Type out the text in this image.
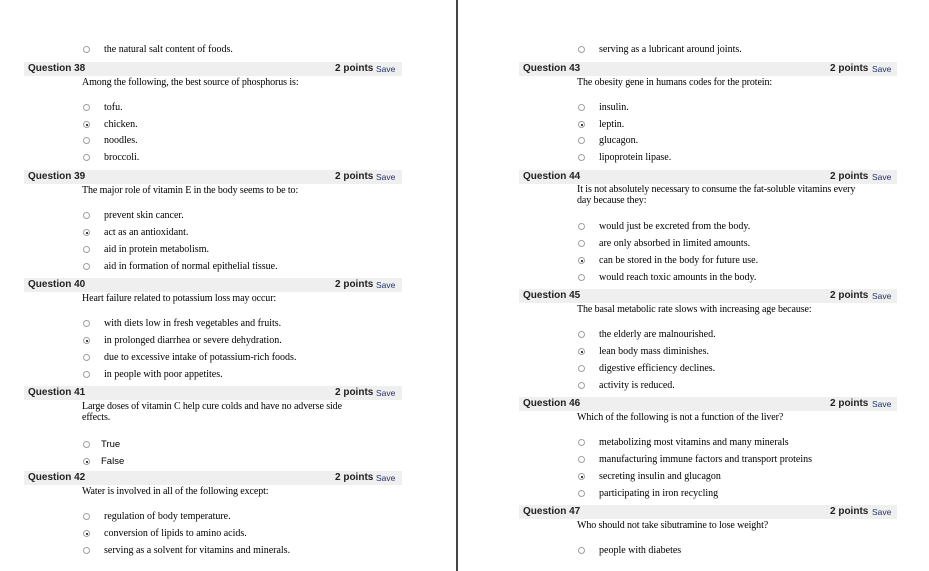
the natural salt content of foods.
Question 38	2 points Save
Among the following, the best source of phosphorus is:
tofu.
chicken.
noodles.
broccoli.
Question 39	2 points Save
The major role of vitamin E in the body seems to be to:
prevent skin cancer.
act as an antioxidant.
aid in protein metabolism.
aid in formation of normal epithelial tissue.
Question 40	2 points Save
Heart failure related to potassium loss may occur:
with diets low in fresh vegetables and fruits.
in prolonged diarrhea or severe dehydration.
due to excessive intake of potassium-rich foods.
in people with poor appetites.
Question 41	2 points Save
Large doses of vitamin C help cure colds and have no adverse side effects.
True
False
Question 42	2 points Save
Water is involved in all of the following except:
regulation of body temperature.
conversion of lipids to amino acids.
serving as a solvent for vitamins and minerals.
serving as a lubricant around joints.
Question 43	2 points Save
The obesity gene in humans codes for the protein:
insulin.
leptin.
glucagon.
lipoprotein lipase.
Question 44	2 points Save
It is not absolutely necessary to consume the fat-soluble vitamins every day because they:
would just be excreted from the body.
are only absorbed in limited amounts.
can be stored in the body for future use.
would reach toxic amounts in the body.
Question 45	2 points Save
The basal metabolic rate slows with increasing age because:
the elderly are malnourished.
lean body mass diminishes.
digestive efficiency declines.
activity is reduced.
Question 46	2 points Save
Which of the following is not a function of the liver?
metabolizing most vitamins and many minerals
manufacturing immune factors and transport proteins
secreting insulin and glucagon
participating in iron recycling
Question 47	2 points Save
Who should not take sibutramine to lose weight?
people with diabetes
